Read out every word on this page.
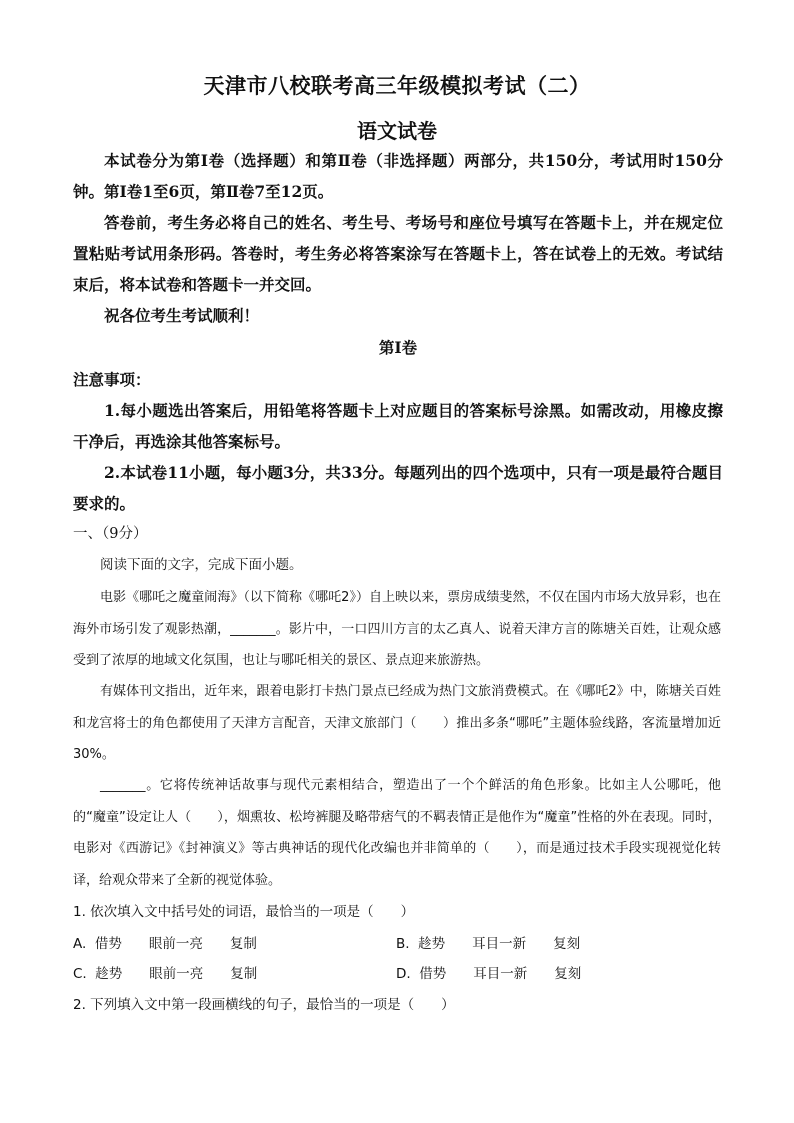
天津市八校联考高三年级模拟考试（二）
语文试卷

本试卷分为第Ⅰ卷（选择题）和第Ⅱ卷（非选择题）两部分，共150分，考试用时150分钟。第Ⅰ卷1至6页，第Ⅱ卷7至12页。

答卷前，考生务必将自己的姓名、考生号、考场号和座位号填写在答题卡上，并在规定位置粘贴考试用条形码。答卷时，考生务必将答案涂写在答题卡上，答在试卷上的无效。考试结束后，将本试卷和答题卡一并交回。

祝各位考生考试顺利！

第Ⅰ卷

注意事项：

1.每小题选出答案后，用铅笔将答题卡上对应题目的答案标号涂黑。如需改动，用橡皮擦干净后，再选涂其他答案标号。

2.本试卷11小题，每小题3分，共33分。每题列出的四个选项中，只有一项是最符合题目要求的。

一、（9分）

阅读下面的文字，完成下面小题。

电影《哪吒之魔童闹海》（以下简称《哪吒2》）自上映以来，票房成绩斐然，不仅在国内市场大放异彩，也在海外市场引发了观影热潮，_______。影片中，一口四川方言的太乙真人、说着天津方言的陈塘关百姓，让观众感受到了浓厚的地域文化氛围，也让与哪吒相关的景区、景点迎来旅游热。

有媒体刊文指出，近年来，跟着电影打卡热门景点已经成为热门文旅消费模式。在《哪吒2》中，陈塘关百姓和龙宫将士的角色都使用了天津方言配音，天津文旅部门（　　）推出多条“哪吒”主题体验线路，客流量增加近30%。

_______。它将传统神话故事与现代元素相结合，塑造出了一个个鲜活的角色形象。比如主人公哪吒，他的“魔童”设定让人（　　），烟熏妆、松垮裤腿及略带痞气的不羁表情正是他作为“魔童”性格的外在表现。同时，电影对《西游记》《封神演义》等古典神话的现代化改编也并非简单的（　　），而是通过技术手段实现视觉化转译，给观众带来了全新的视觉体验。

1. 依次填入文中括号处的词语，最恰当的一项是（　　）

A.  借势　　眼前一亮　　复制	B.  趁势　　耳目一新　　复刻
C.  趁势　　眼前一亮　　复制	D.  借势　　耳目一新　　复刻

2. 下列填入文中第一段画横线的句子，最恰当的一项是（　　）
